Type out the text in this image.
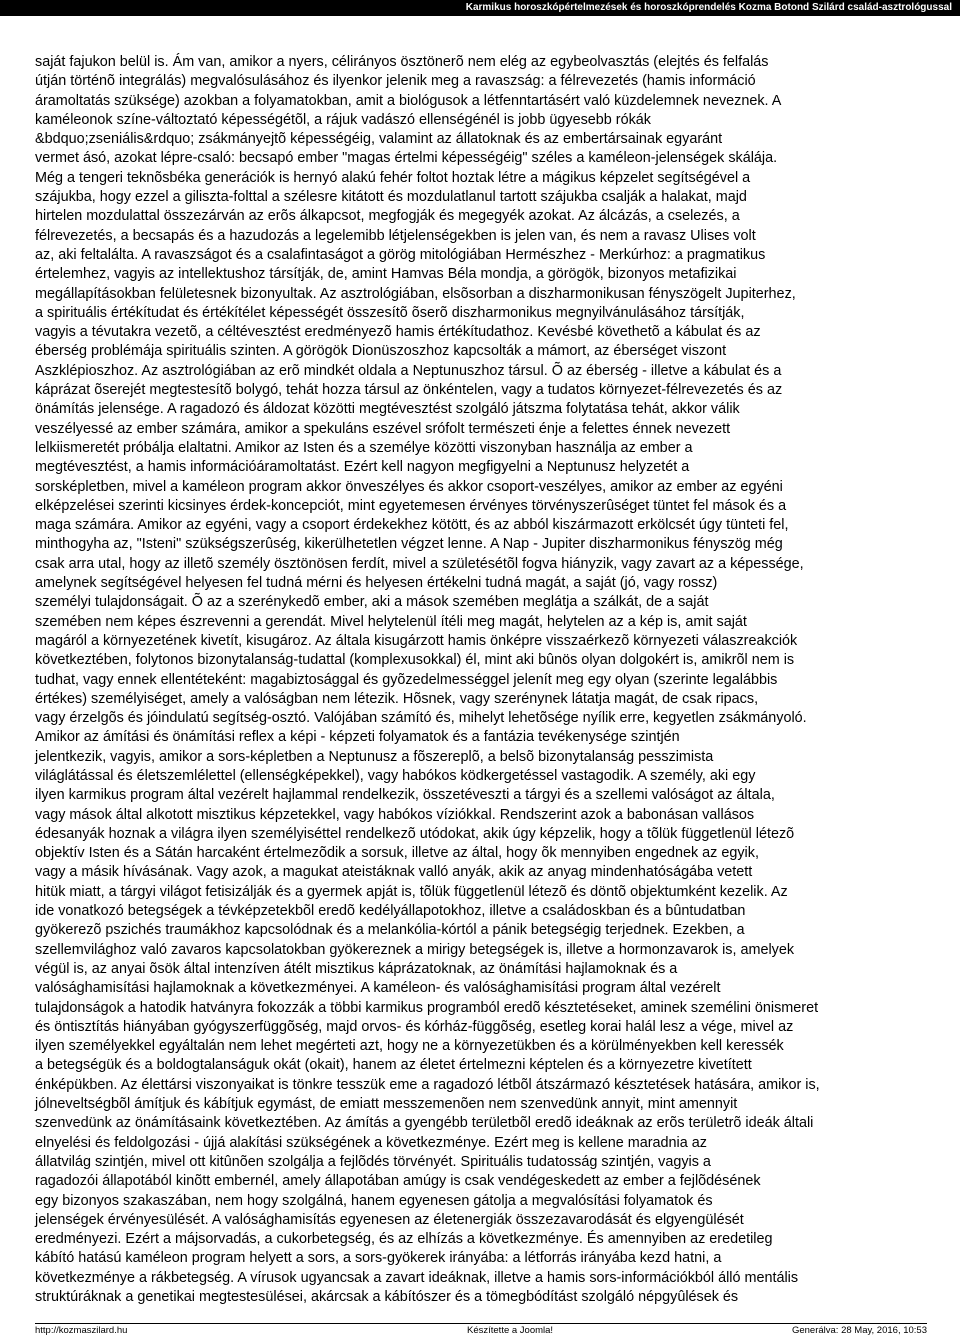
Karmikus horoszkópértelmezések és horoszkóprendelés Kozma Botond Szilárd család-asztrológussal
saját fajukon belül is. Ám van, amikor a nyers, célirányos ösztönerõ nem elég az egybeolvasztás (elejtés és felfalás
útján történõ integrálás) megvalósulásához és ilyenkor jelenik meg a ravaszság: a félrevezetés (hamis információ
áramoltatás szüksége) azokban a folyamatokban, amit a biológusok a létfenntartásért való küzdelemnek neveznek. A
kaméleonok színe-változtató képességétõl, a rájuk vadászó ellenségénél is jobb ügyesebb rókák
&bdquo;zseniális&rdquo; zsákmányejtõ képességéig, valamint az állatoknak és az embertársainak egyaránt
vermet ásó, azokat lépre-csaló: becsapó ember "magas értelmi képességéig" széles a kaméleon-jelenségek skálája.
Még a tengeri teknõsbéka generációk is hernyó alakú fehér foltot hoztak létre a mágikus képzelet segítségével a
szájukba, hogy ezzel a giliszta-folttal a szélesre kitátott és mozdulatlanul tartott szájukba csalják a halakat, majd
hirtelen mozdulattal összezárván az erõs álkapcsot, megfogják és megegyék azokat. Az álcázás, a cselezés, a
félrevezetés, a becsapás és a hazudozás a legelemibb létjelenségekben is jelen van, és nem a ravasz Ulises volt
az, aki feltalálta. A ravaszságot és a csalafintaságot a görög mitológiában Hermészhez - Merkúrhoz: a pragmatikus
értelemhez, vagyis az intellektushoz társítják, de, amint Hamvas Béla mondja, a görögök, bizonyos metafizikai
megállapításokban felületesnek bizonyultak. Az asztrológiában, elsõsorban a diszharmonikusan fényszögelt Jupiterhez,
a spirituális értékítudat és értékítélet képességét összesítõ õserõ diszharmonikus megnyilvánulásához társítják,
vagyis a tévutakra vezetõ, a céltévesztést eredményezõ hamis értékítudathoz. Kevésbé követhetõ a kábulat és az
éberség problémája spirituális szinten. A görögök Dionüszoszhoz kapcsolták a mámort, az éberséget viszont
Aszklépioszhoz. Az asztrológiában az erõ mindkét oldala a Neptunuszhoz társul. Õ az éberség - illetve a kábulat és a
káprázat õserejét megtestesítõ bolygó, tehát hozza társul az önkéntelen, vagy a tudatos környezet-félrevezetés és az
önámítás jelensége. A ragadozó és áldozat közötti megtévesztést szolgáló játszma folytatása tehát, akkor válik
veszélyessé az ember számára, amikor a spekuláns eszével srófolt természeti énje a felettes énnek nevezett
lelkiismeretét próbálja elaltatni. Amikor az Isten és a személye közötti viszonyban használja az ember a
megtévesztést, a hamis információáramoltatást. Ezért kell nagyon megfigyelni a Neptunusz helyzetét a
sorsképletben, mivel a kaméleon program akkor önveszélyes és akkor csoport-veszélyes, amikor az ember az egyéni
elképzelései szerinti kicsinyes érdek-koncepciót, mint egyetemesen érvényes törvényszerûséget tüntet fel mások és a
maga számára. Amikor az egyéni, vagy a csoport érdekekhez kötött, és az abból kiszármazott erkölcsét úgy tünteti fel,
minthogyha az, "Isteni" szükségszerûség, kikerülhetetlen végzet lenne. A Nap - Jupiter diszharmonikus fényszög még
csak arra utal, hogy az illetõ személy ösztönösen ferdít, mivel a születésétõl fogva hiányzik, vagy zavart az a képessége,
amelynek segítségével helyesen fel tudná mérni és helyesen értékelni tudná magát, a saját (jó, vagy rossz)
személyi tulajdonságait. Õ az a szerénykedõ ember, aki a mások szemében meglátja a szálkát, de a saját
szemében nem képes észrevenni a gerendát. Mivel helytelenül ítéli meg magát, helytelen az a kép is, amit saját
magáról a környezetének kivetít, kisugároz. Az általa kisugárzott hamis önképre visszaérkezõ környezeti válaszreakciók
következtében, folytonos bizonytalanság-tudattal (komplexusokkal) él, mint aki bûnös olyan dolgokért is, amikrõl nem is
tudhat, vagy ennek ellentéteként: magabiztosággal és gyõzedelmességgel jelenít meg egy olyan (szerinte legalábbis
értékes) személyiséget, amely a valóságban nem létezik. Hõsnek, vagy szerénynek látatja magát, de csak ripacs,
vagy érzelgõs és jóindulatú segítség-osztó. Valójában számító és, mihelyt lehetõsége nyílik erre, kegyetlen zsákmányoló.
Amikor az ámítási és önámítási reflex a képi - képzeti folyamatok és a fantázia tevékenysége szintjén
jelentkezik, vagyis, amikor a sors-képletben a Neptunusz a fõszereplõ, a belsõ bizonytalanság pesszimista
világlátással és életszemlélettel (ellenségképekkel), vagy habókos ködkergetéssel vastagodik. A személy, aki egy
ilyen karmikus program által vezérelt hajlammal rendelkezik, összetéveszti a tárgyi és a szellemi valóságot az általa,
vagy mások által alkotott misztikus képzetekkel, vagy habókos víziókkal. Rendszerint azok a babonásan vallásos
édesanyák hoznak a világra ilyen személyiséttel rendelkezõ utódokat, akik úgy képzelik, hogy a tõlük függetlenül létezõ
objektív Isten és a Sátán harcaként értelmezõdik a sorsuk, illetve az által, hogy õk mennyiben engednek az egyik,
vagy a másik hívásának. Vagy azok, a magukat ateistáknak valló anyák, akik az anyag mindenhatóságába vetett
hitük miatt, a tárgyi világot fetisizálják és a gyermek apját is, tõlük függetlenül létezõ és döntõ objektumként kezelik. Az
ide vonatkozó betegségek a tévképzetekbõl eredõ kedélyállapotokhoz, illetve a családoskban és a bûntudatban
gyökerezõ pszichés traumákhoz kapcsolódnak és a melankólia-kórtól a pánik betegségig terjednek. Ezekben, a
szellemvilághoz való zavaros kapcsolatokban gyökereznek a mirigy betegségek is, illetve a hormonzavarok is, amelyek
végül is, az anyai õsök által intenzíven átélt misztikus káprázatoknak, az önámítási hajlamoknak és a
valósághamisítási hajlamoknak a következményei. A kaméleon- és valósághamisítási program által vezérelt
tulajdonságok a hatodik hatványra fokozzák a többi karmikus programból eredõ késztetéseket, aminek személini önismeret
és öntisztítás hiányában gyógyszerfüggõség, majd orvos- és kórház-függõség, esetleg korai halál lesz a vége, mivel az
ilyen személyekkel egyáltalán nem lehet megérteti azt, hogy ne a környezetükben és a körülményekben kell keressék
a betegségük és a boldogtalanságuk okát (okait), hanem az életet értelmezni képtelen és a környezetre kivetített
énképükben. Az élettársi viszonyaikat is tönkre tesszük eme a ragadozó létbõl átszármazó késztetések hatására, amikor is,
jólneveltségbõl ámítjuk és kábítjuk egymást, de emiatt messzemenõen nem szenvedünk annyit, mint amennyit
szenvedünk az önámításaink következtében. Az ámítás a gyengébb területbõl eredõ ideáknak az erõs területrõ ideák általi
elnyelési és feldolgozási - újjá alakítási szükségének a következménye. Ezért meg is kellene maradnia az
állatvilág szintjén, mivel ott kitûnõen szolgálja a fejlõdés törvényét. Spirituális tudatosság szintjén, vagyis a
ragadozói állapotából kinõtt embernél, amely állapotában amúgy is csak vendégeskedett az ember a fejlõdésének
egy bizonyos szakaszában, nem hogy szolgálná, hanem egyenesen gátolja a megvalósítási folyamatok és
jelenségek érvényesülését. A valósághamisítás egyenesen az életenergiák összezavarodását és elgyengülését
eredményezi. Ezért a májsorvadás, a cukorbetegség, és az elhízás a következménye. És amennyiben az eredetileg
kábító hatású kaméleon program helyett a sors, a sors-gyökerek irányába: a létforrás irányába kezd hatni, a
következménye a rákbetegség. A vírusok ugyancsak a zavart ideáknak, illetve a hamis sors-információkból álló mentális
struktúráknak a genetikai megtestesülései, akárcsak a kábítószer és a tömegbódítást szolgáló népgyûlések és
http://kozmaszilard.hu	Készítette a Joomla!	Generálva: 28 May, 2016, 10:53
